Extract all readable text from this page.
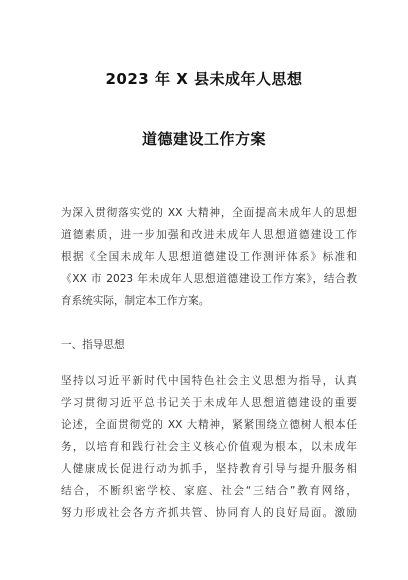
2023 年 X 县未成年人思想
道德建设工作方案
为深入贯彻落实党的 XX 大精神，全面提高未成年人的思想
道德素质，进一步加强和改进未成年人思想道德建设工作
根据《全国未成年人思想道德建设工作测评体系》标准和
《XX 市 2023 年未成年人思想道德建设工作方案》，结合教
育系统实际，制定本工作方案。
一、指导思想
坚持以习近平新时代中国特色社会主义思想为指导，认真
学习贯彻习近平总书记关于未成年人思想道德建设的重要
论述，全面贯彻党的 XX 大精神，紧紧围绕立德树人根本任
务，以培育和践行社会主义核心价值观为根本，以未成年
人健康成长促进行动为抓手，坚持教育引导与提升服务相
结合，不断织密学校、家庭、社会“三结合”教育网络，
努力形成社会各方齐抓共管、协同育人的良好局面。激励
